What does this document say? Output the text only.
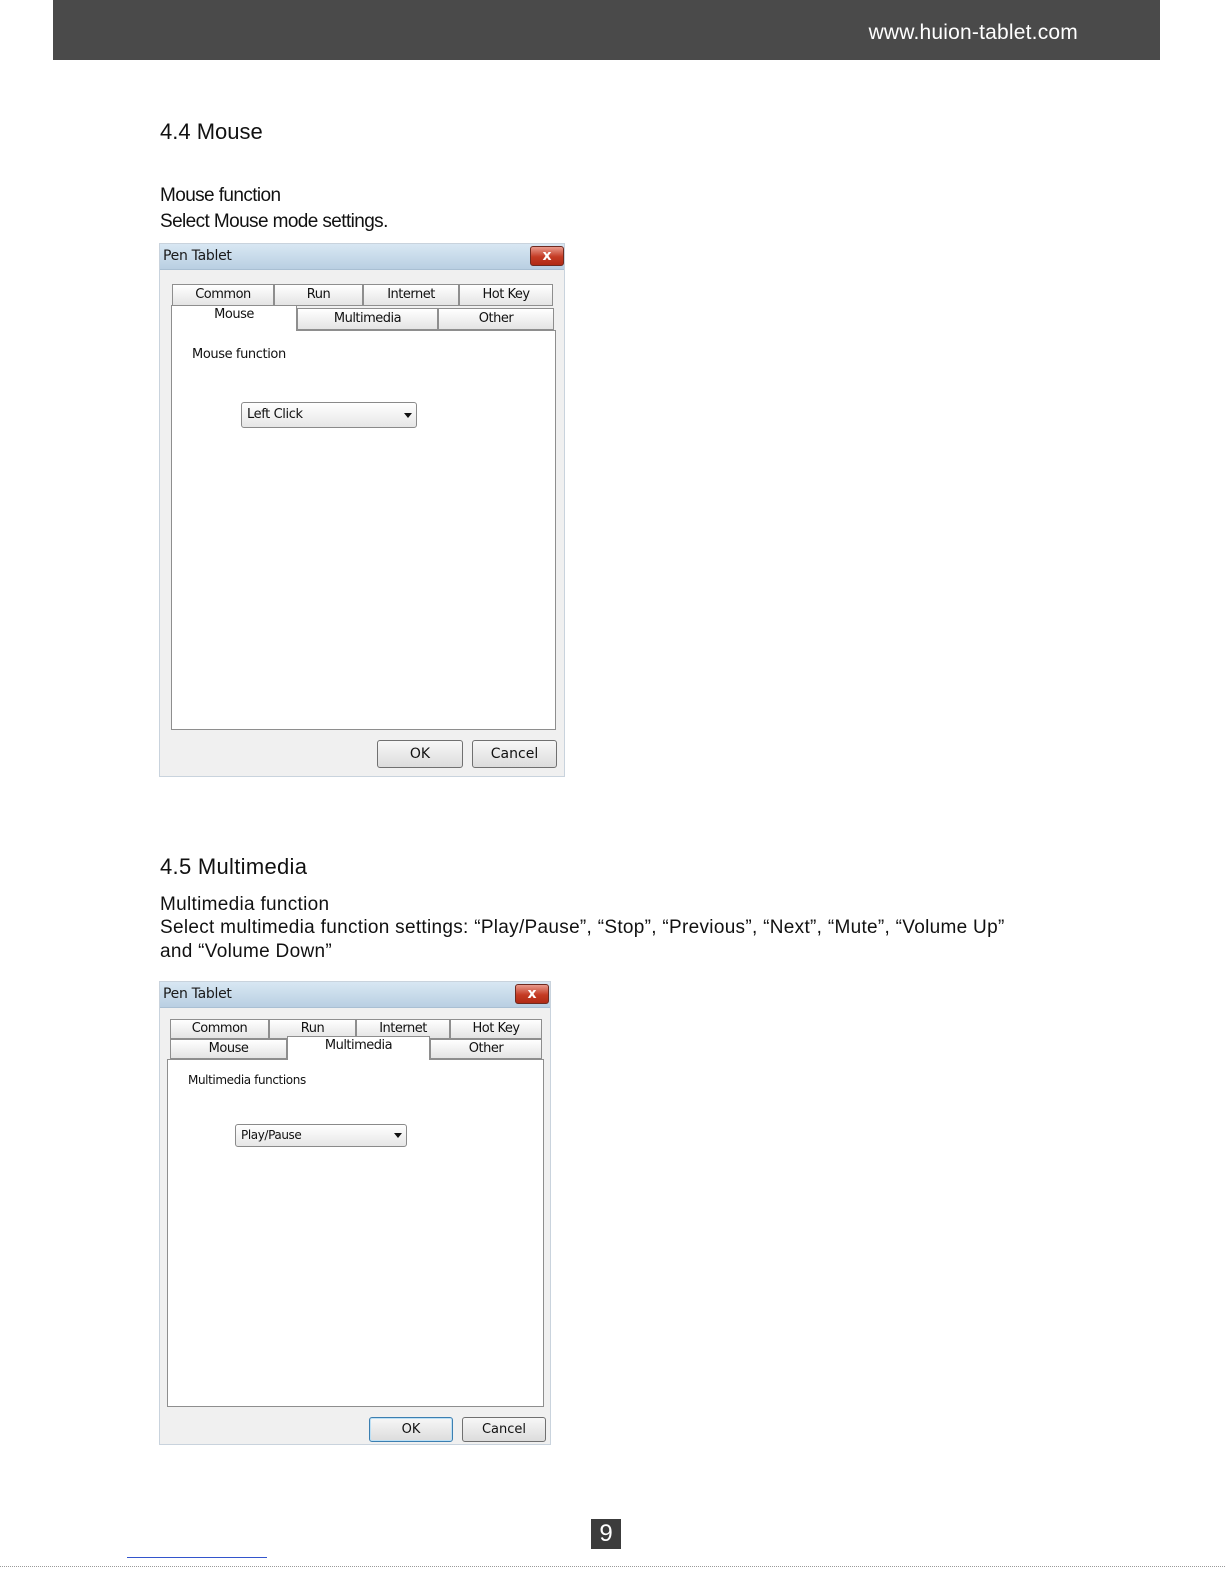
www.huion-tablet.com
4.4 Mouse
Mouse function
Select Mouse mode settings.
Pen Tablet	x
Common	Run	Internet	Hot Key
Mouse	Multimedia	Other
Mouse function
Left Click
OK	Cancel
4.5 Multimedia
Multimedia function
Select multimedia function settings: “Play/Pause”, “Stop”, “Previous”, “Next”, “Mute”, “Volume Up”
and “Volume Down”
Pen Tablet	x
Common	Run	Internet	Hot Key
Mouse	Multimedia	Other
Multimedia functions
Play/Pause
OK	Cancel
9
